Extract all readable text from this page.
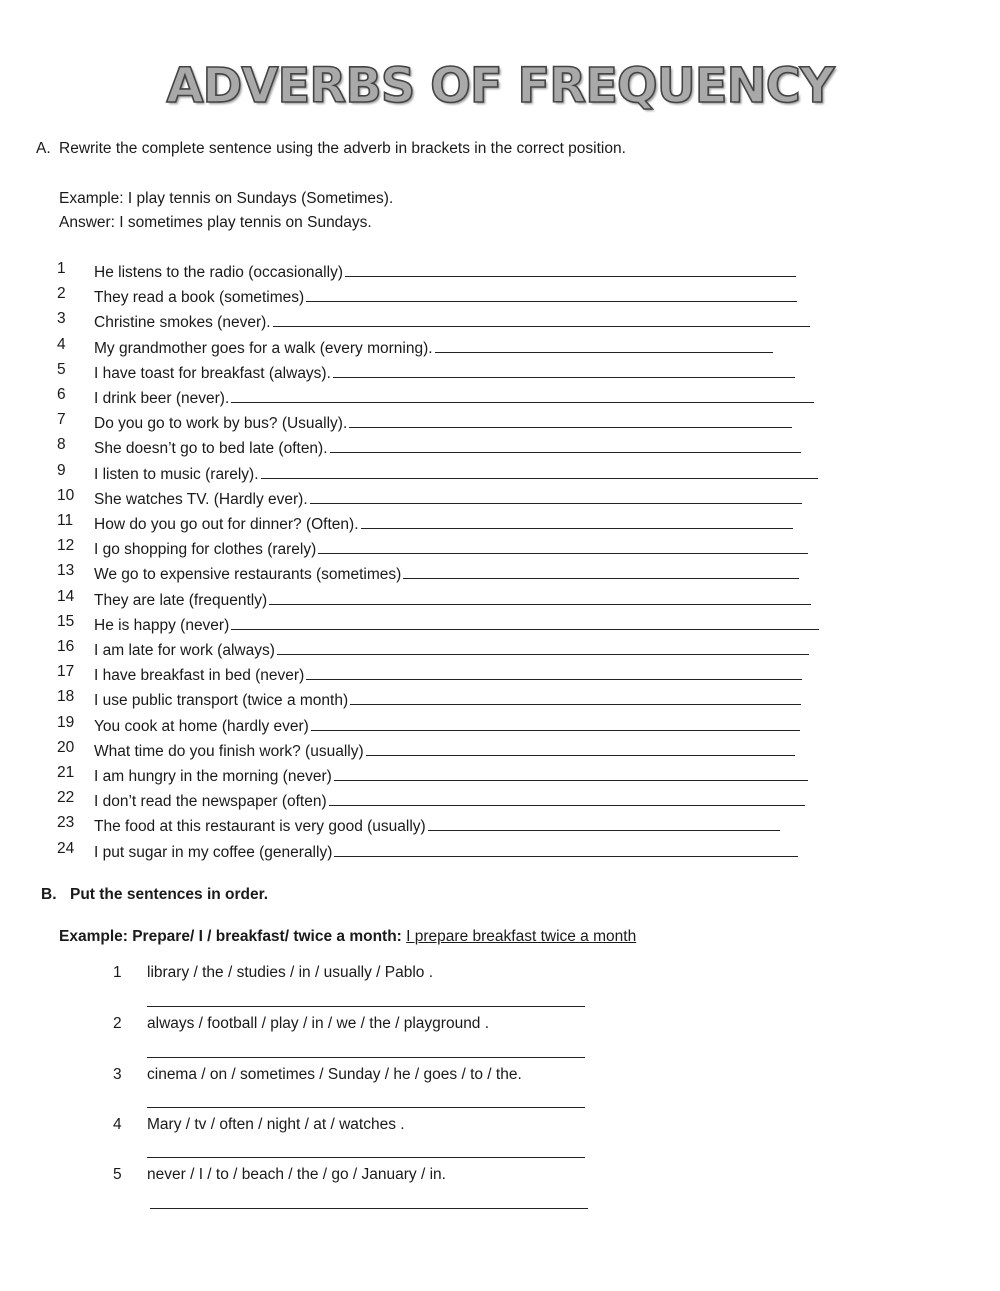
ADVERBS OF FREQUENCY
A. Rewrite the complete sentence using the adverb in brackets in the correct position.
Example: I play tennis on Sundays (Sometimes).
Answer: I sometimes play tennis on Sundays.
1	He listens to the radio (occasionally)
2	They read a book (sometimes)
3	Christine smokes (never).
4	My grandmother goes for a walk (every morning).
5	I have toast for breakfast (always).
6	I drink beer (never).
7	Do you go to work by bus? (Usually).
8	She doesn’t go to bed late (often).
9	I listen to music (rarely).
10	She watches TV. (Hardly ever).
11	How do you go out for dinner? (Often).
12	I go shopping for clothes (rarely)
13	We go to expensive restaurants (sometimes)
14	They are late (frequently)
15	He is happy (never)
16	I am late for work (always)
17	I have breakfast in bed (never)
18	I use public transport (twice a month)
19	You cook at home (hardly ever)
20	What time do you finish work? (usually)
21	I am hungry in the morning (never)
22	I don’t read the newspaper (often)
23	The food at this restaurant is very good (usually)
24	I put sugar in my coffee (generally)
B. Put the sentences in order.
Example: Prepare/ I / breakfast/ twice a month: I prepare breakfast twice a month
1 library / the / studies / in / usually / Pablo .
2 always / football / play / in / we / the / playground .
3 cinema / on / sometimes / Sunday / he / goes / to / the.
4 Mary / tv / often / night / at / watches .
5 never / I / to / beach / the / go / January / in.
